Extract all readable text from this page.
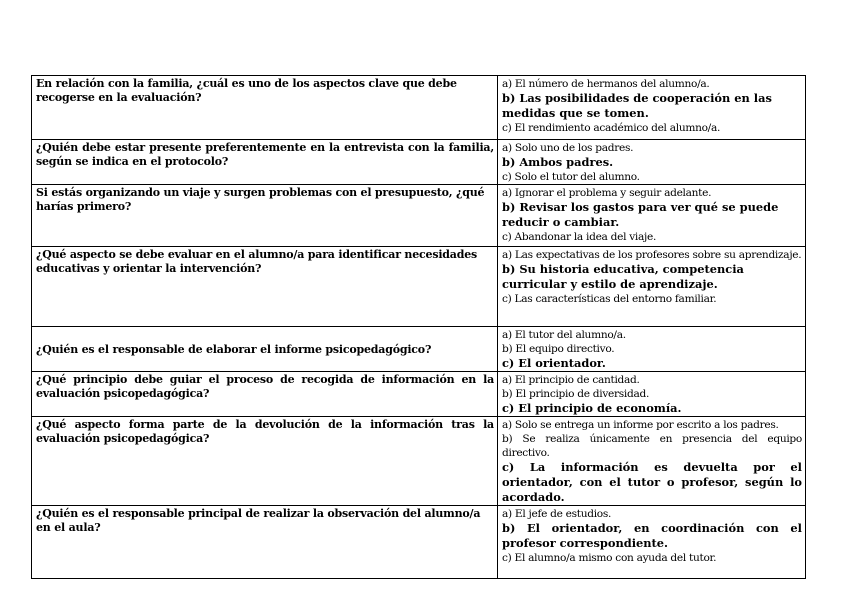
En relación con la familia, ¿cuál es uno de los aspectos clave que debe recogerse en la evaluación?	a) El número de hermanos del alumno/a.
b) Las posibilidades de cooperación en las medidas que se tomen.
c) El rendimiento académico del alumno/a.

¿Quién debe estar presente preferentemente en la entrevista con la familia, según se indica en el protocolo?	a) Solo uno de los padres.
b) Ambos padres.
c) Solo el tutor del alumno.

Si estás organizando un viaje y surgen problemas con el presupuesto, ¿qué harías primero?	a) Ignorar el problema y seguir adelante.
b) Revisar los gastos para ver qué se puede reducir o cambiar.
c) Abandonar la idea del viaje.

¿Qué aspecto se debe evaluar en el alumno/a para identificar necesidades educativas y orientar la intervención?	a) Las expectativas de los profesores sobre su aprendizaje.
b) Su historia educativa, competencia curricular y estilo de aprendizaje.
c) Las características del entorno familiar.

¿Quién es el responsable de elaborar el informe psicopedagógico?	a) El tutor del alumno/a.
b) El equipo directivo.
c) El orientador.

¿Qué principio debe guiar el proceso de recogida de información en la evaluación psicopedagógica?	a) El principio de cantidad.
b) El principio de diversidad.
c) El principio de economía.

¿Qué aspecto forma parte de la devolución de la información tras la evaluación psicopedagógica?	a) Solo se entrega un informe por escrito a los padres.
b) Se realiza únicamente en presencia del equipo directivo.
c) La información es devuelta por el orientador, con el tutor o profesor, según lo acordado.

¿Quién es el responsable principal de realizar la observación del alumno/a en el aula?	a) El jefe de estudios.
b) El orientador, en coordinación con el profesor correspondiente.
c) El alumno/a mismo con ayuda del tutor.
